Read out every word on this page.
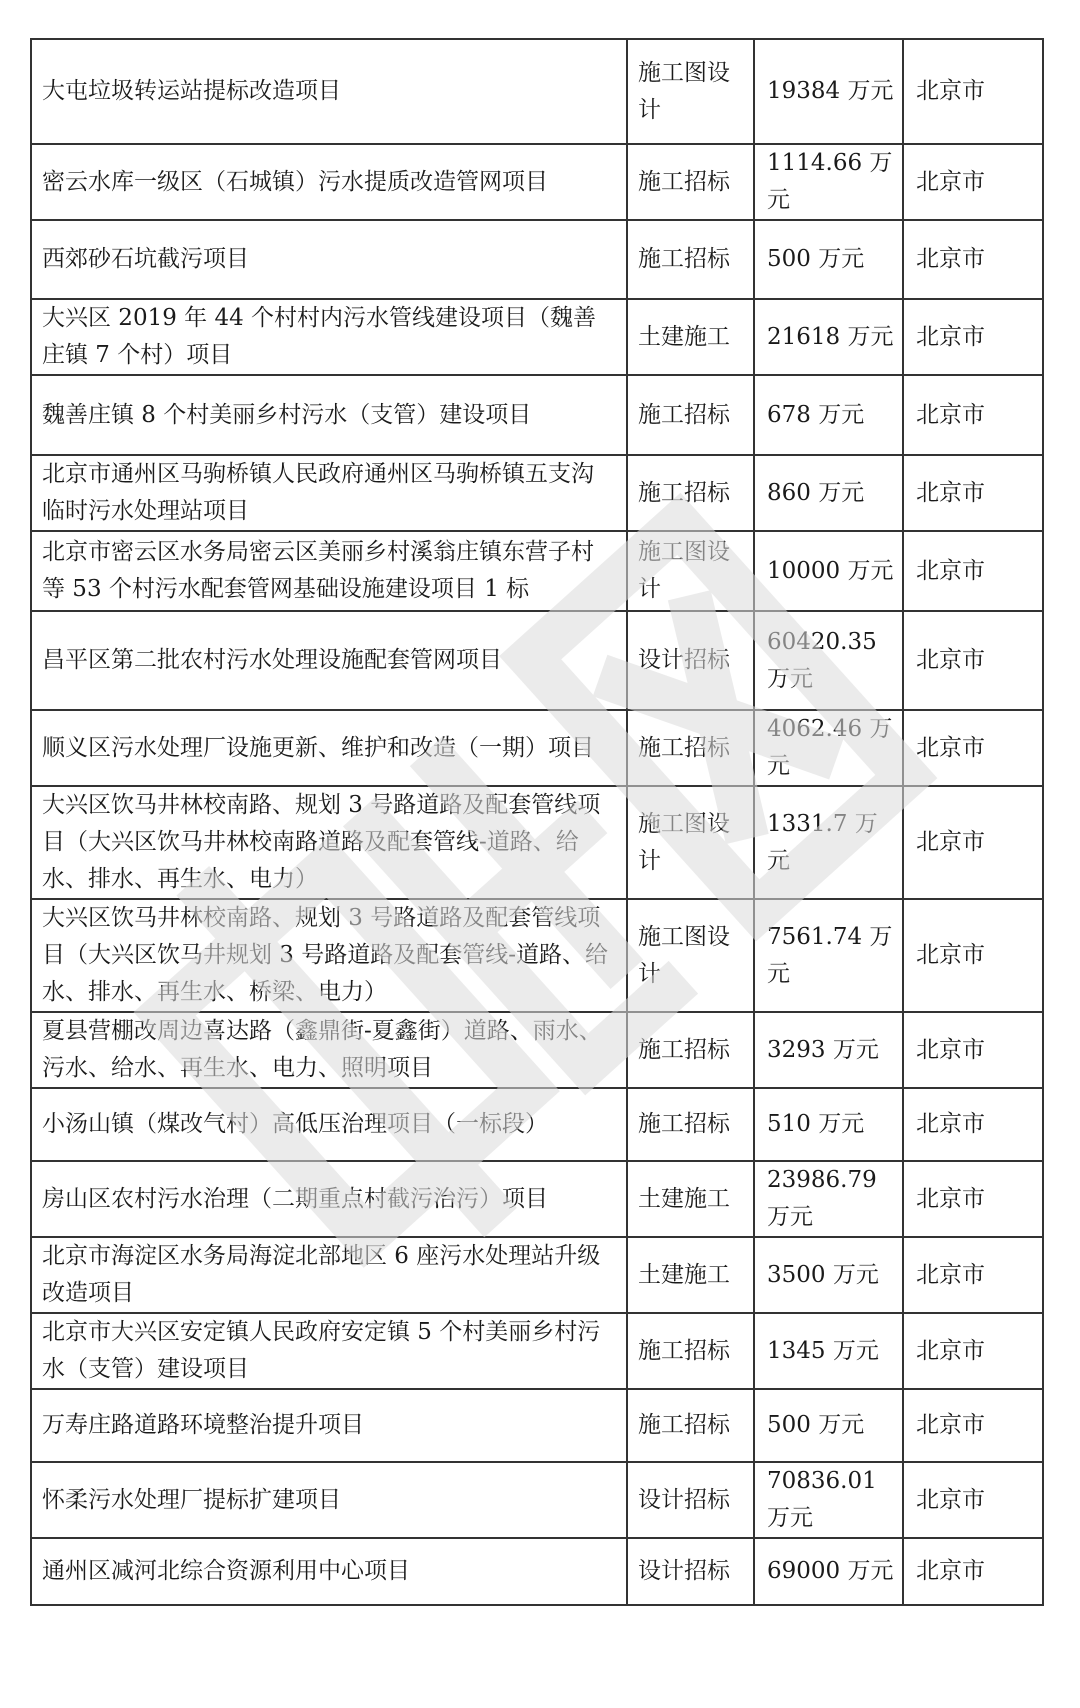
大屯垃圾转运站提标改造项目	施工图设计	19384 万元	北京市
密云水库一级区（石城镇）污水提质改造管网项目	施工招标	1114.66 万元	北京市
西郊砂石坑截污项目	施工招标	500 万元	北京市
大兴区 2019 年 44 个村村内污水管线建设项目（魏善庄镇 7 个村）项目	土建施工	21618 万元	北京市
魏善庄镇 8 个村美丽乡村污水（支管）建设项目	施工招标	678 万元	北京市
北京市通州区马驹桥镇人民政府通州区马驹桥镇五支沟临时污水处理站项目	施工招标	860 万元	北京市
北京市密云区水务局密云区美丽乡村溪翁庄镇东营子村等 53 个村污水配套管网基础设施建设项目 1 标	施工图设计	10000 万元	北京市
昌平区第二批农村污水处理设施配套管网项目	设计招标	60420.35 万元	北京市
顺义区污水处理厂设施更新、维护和改造（一期）项目	施工招标	4062.46 万元	北京市
大兴区饮马井林校南路、规划 3 号路道路及配套管线项目（大兴区饮马井林校南路道路及配套管线-道路、给水、排水、再生水、电力）	施工图设计	1331.7 万元	北京市
大兴区饮马井林校南路、规划 3 号路道路及配套管线项目（大兴区饮马井规划 3 号路道路及配套管线-道路、给水、排水、再生水、桥梁、电力）	施工图设计	7561.74 万元	北京市
夏县营棚改周边喜达路（鑫鼎街-夏鑫街）道路、雨水、污水、给水、再生水、电力、照明项目	施工招标	3293 万元	北京市
小汤山镇（煤改气村）高低压治理项目（一标段）	施工招标	510 万元	北京市
房山区农村污水治理（二期重点村截污治污）项目	土建施工	23986.79 万元	北京市
北京市海淀区水务局海淀北部地区 6 座污水处理站升级改造项目	土建施工	3500 万元	北京市
北京市大兴区安定镇人民政府安定镇 5 个村美丽乡村污水（支管）建设项目	施工招标	1345 万元	北京市
万寿庄路道路环境整治提升项目	施工招标	500 万元	北京市
怀柔污水处理厂提标扩建项目	设计招标	70836.01 万元	北京市
通州区减河北综合资源利用中心项目	设计招标	69000 万元	北京市
